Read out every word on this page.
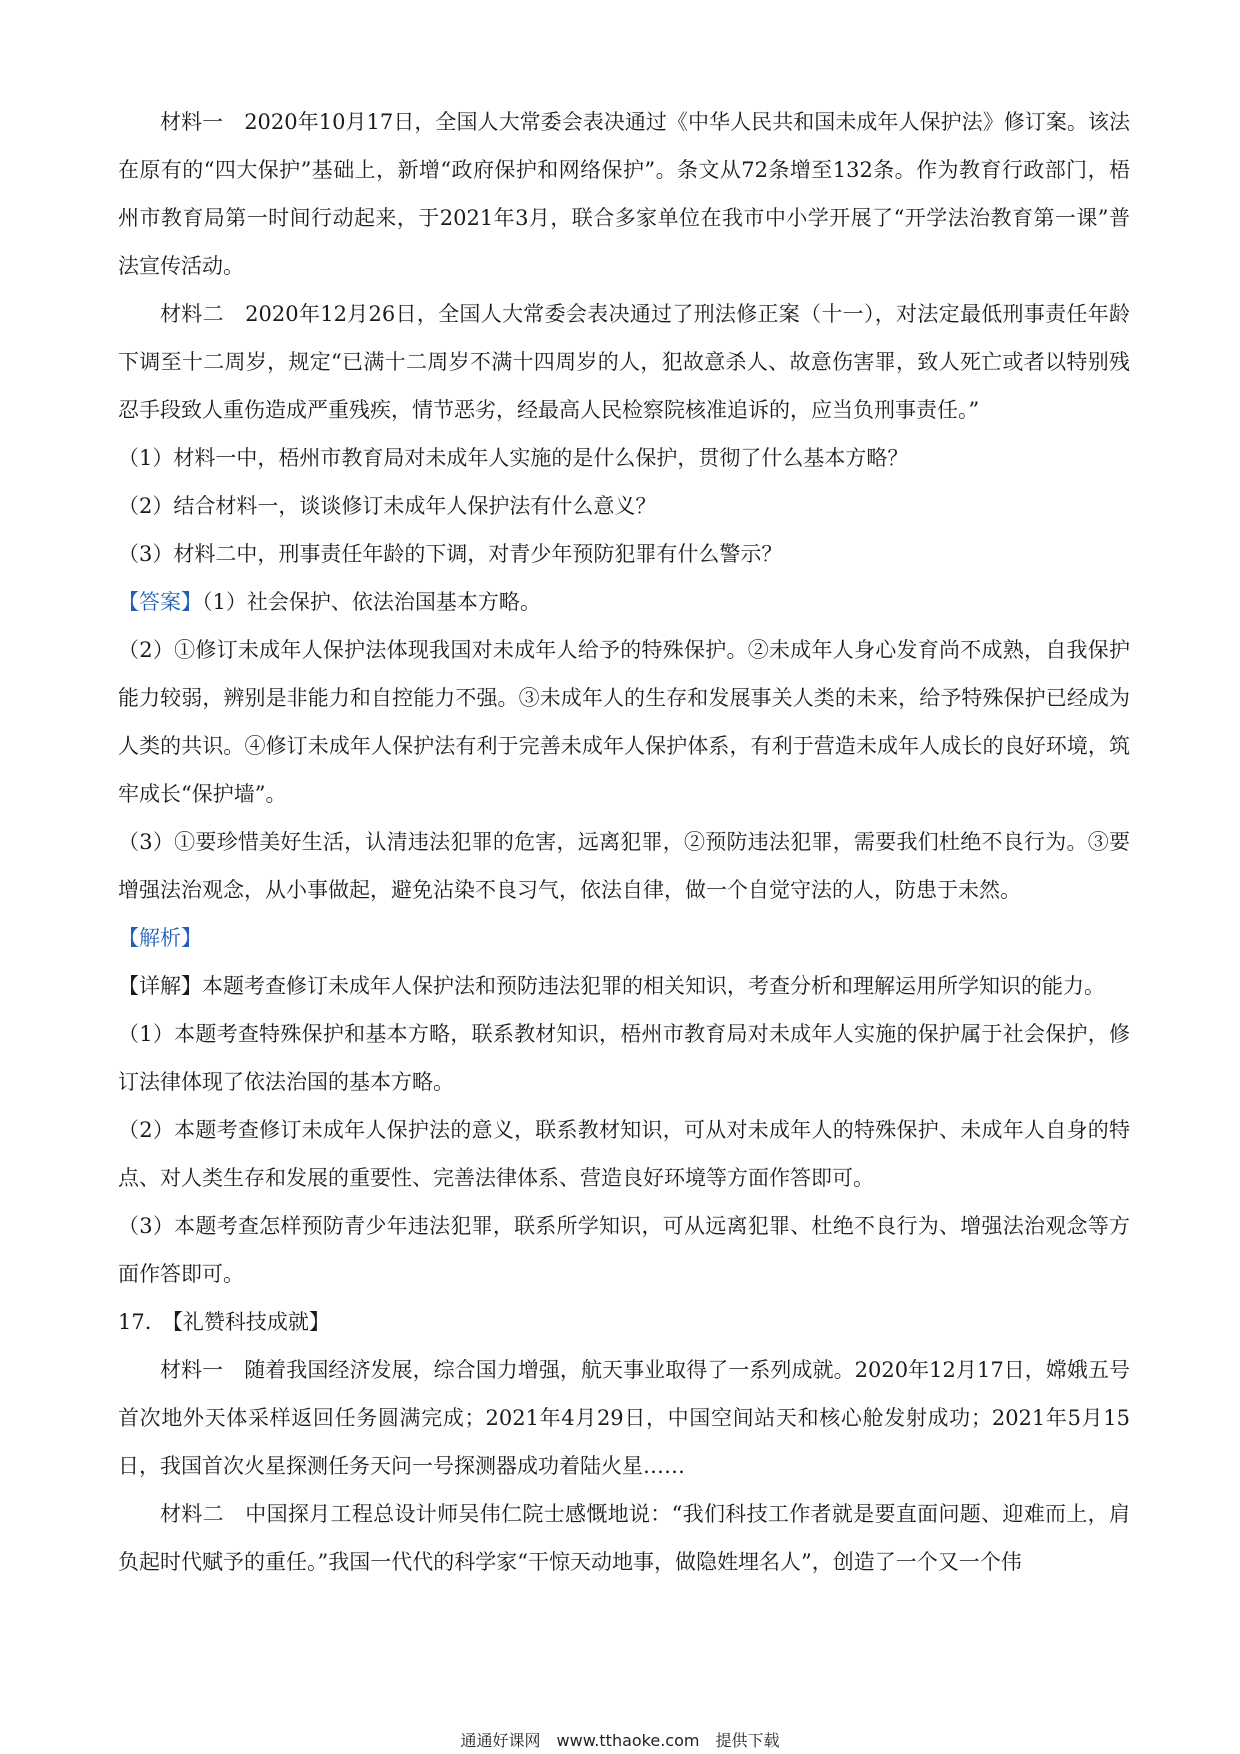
材料一　2020年10月17日，全国人大常委会表决通过《中华人民共和国未成年人保护法》修订案。该法在原有的“四大保护”基础上，新增“政府保护和网络保护”。条文从72条增至132条。作为教育行政部门，梧州市教育局第一时间行动起来，于2021年3月，联合多家单位在我市中小学开展了“开学法治教育第一课”普法宣传活动。

材料二　2020年12月26日，全国人大常委会表决通过了刑法修正案（十一），对法定最低刑事责任年龄下调至十二周岁，规定“已满十二周岁不满十四周岁的人，犯故意杀人、故意伤害罪，致人死亡或者以特别残忍手段致人重伤造成严重残疾，情节恶劣，经最高人民检察院核准追诉的，应当负刑事责任。”

（1）材料一中，梧州市教育局对未成年人实施的是什么保护，贯彻了什么基本方略？

（2）结合材料一，谈谈修订未成年人保护法有什么意义？

（3）材料二中，刑事责任年龄的下调，对青少年预防犯罪有什么警示？

【答案】（1）社会保护、依法治国基本方略。

（2）①修订未成年人保护法体现我国对未成年人给予的特殊保护。②未成年人身心发育尚不成熟，自我保护能力较弱，辨别是非能力和自控能力不强。③未成年人的生存和发展事关人类的未来，给予特殊保护已经成为人类的共识。④修订未成年人保护法有利于完善未成年人保护体系，有利于营造未成年人成长的良好环境，筑牢成长“保护墙”。

（3）①要珍惜美好生活，认清违法犯罪的危害，远离犯罪，②预防违法犯罪，需要我们杜绝不良行为。③要增强法治观念，从小事做起，避免沾染不良习气，依法自律，做一个自觉守法的人，防患于未然。

【解析】

【详解】本题考查修订未成年人保护法和预防违法犯罪的相关知识，考查分析和理解运用所学知识的能力。

（1）本题考查特殊保护和基本方略，联系教材知识，梧州市教育局对未成年人实施的保护属于社会保护，修订法律体现了依法治国的基本方略。

（2）本题考查修订未成年人保护法的意义，联系教材知识，可从对未成年人的特殊保护、未成年人自身的特点、对人类生存和发展的重要性、完善法律体系、营造良好环境等方面作答即可。

（3）本题考查怎样预防青少年违法犯罪，联系所学知识，可从远离犯罪、杜绝不良行为、增强法治观念等方面作答即可。

17.　【礼赞科技成就】

材料一　随着我国经济发展，综合国力增强，航天事业取得了一系列成就。2020年12月17日，嫦娥五号首次地外天体采样返回任务圆满完成；2021年4月29日，中国空间站天和核心舱发射成功；2021年5月15日，我国首次火星探测任务天问一号探测器成功着陆火星……

材料二　中国探月工程总设计师吴伟仁院士感慨地说：“我们科技工作者就是要直面问题、迎难而上，肩负起时代赋予的重任。”我国一代代的科学家“干惊天动地事，做隐姓埋名人”，创造了一个又一个伟

通通好课网　www.tthaoke.com　提供下载
